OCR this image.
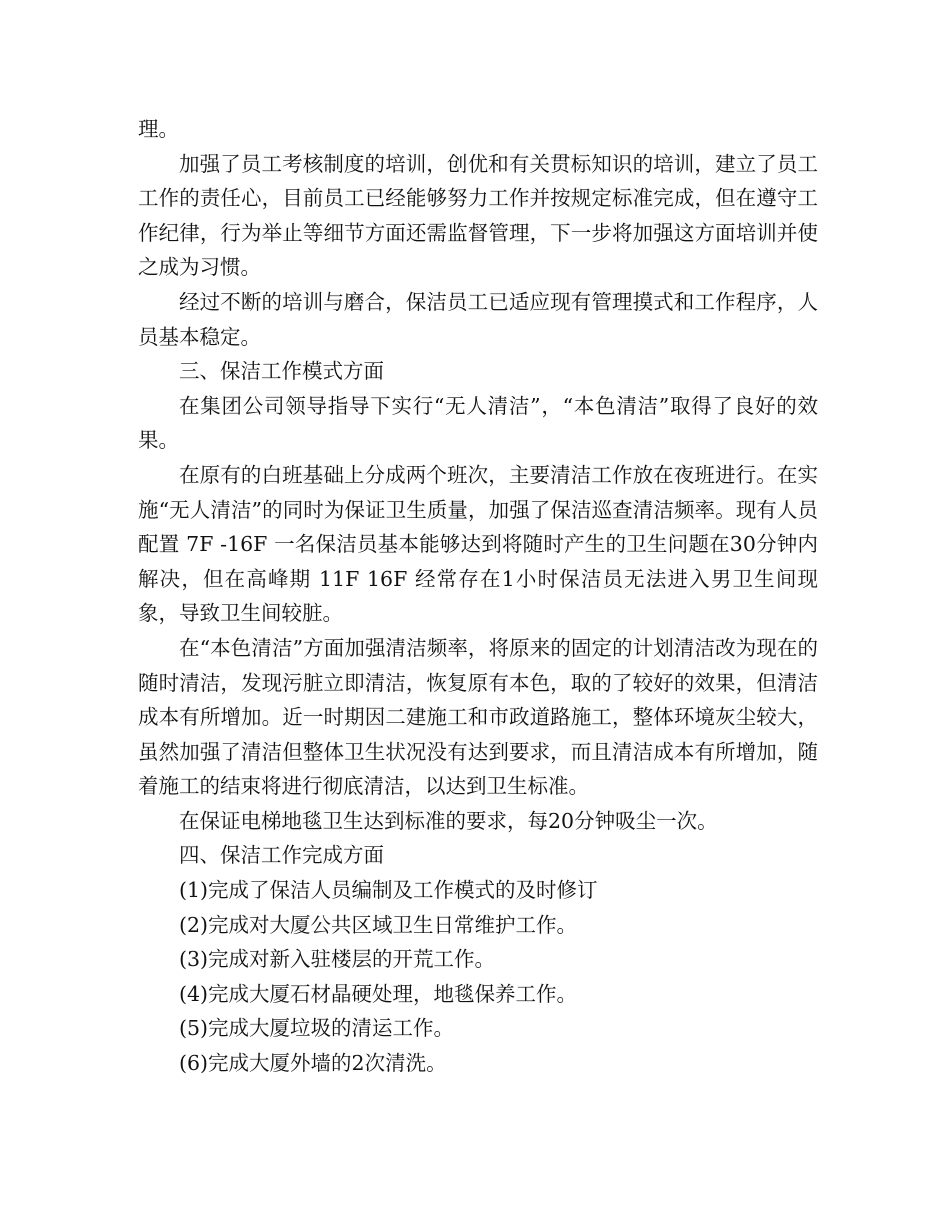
理。

加强了员工考核制度的培训，创优和有关贯标知识的培训，建立了员工工作的责任心，目前员工已经能够努力工作并按规定标准完成，但在遵守工作纪律，行为举止等细节方面还需监督管理，下一步将加强这方面培训并使之成为习惯。

经过不断的培训与磨合，保洁员工已适应现有管理摸式和工作程序，人员基本稳定。

三、保洁工作模式方面

在集团公司领导指导下实行“无人清洁”，“本色清洁”取得了良好的效果。

在原有的白班基础上分成两个班次，主要清洁工作放在夜班进行。在实施“无人清洁”的同时为保证卫生质量，加强了保洁巡查清洁频率。现有人员配置 7F -16F 一名保洁员基本能够达到将随时产生的卫生问题在30分钟内解决，但在高峰期 11F 16F 经常存在1小时保洁员无法进入男卫生间现象，导致卫生间较脏。

在“本色清洁”方面加强清洁频率，将原来的固定的计划清洁改为现在的随时清洁，发现污脏立即清洁，恢复原有本色，取的了较好的效果，但清洁成本有所增加。近一时期因二建施工和市政道路施工，整体环境灰尘较大，虽然加强了清洁但整体卫生状况没有达到要求，而且清洁成本有所增加，随着施工的结束将进行彻底清洁，以达到卫生标准。

在保证电梯地毯卫生达到标准的要求，每20分钟吸尘一次。

四、保洁工作完成方面

(1)完成了保洁人员编制及工作模式的及时修订

(2)完成对大厦公共区域卫生日常维护工作。

(3)完成对新入驻楼层的开荒工作。

(4)完成大厦石材晶硬处理，地毯保养工作。

(5)完成大厦垃圾的清运工作。

(6)完成大厦外墙的2次清洗。
